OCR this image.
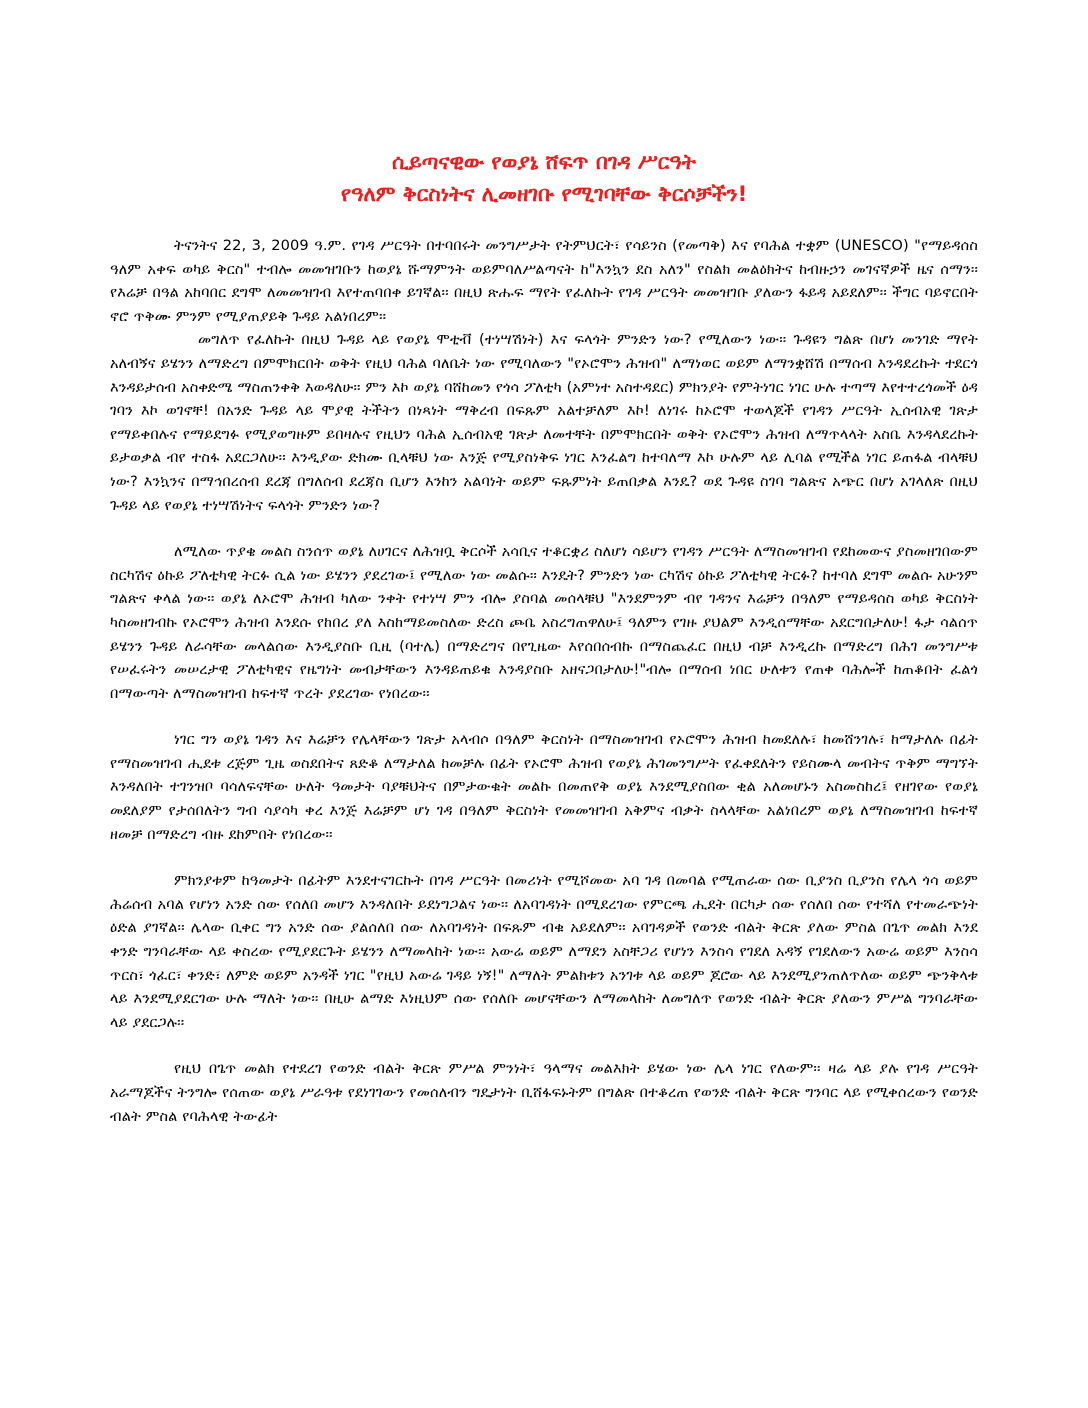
ሲይጣናዊው የወያኔ ሸፍጥ በገዳ ሥርዓት

የዓለም ቅርስነትና ሊመዘገቡ የሚገባቸው ቅርሶቻችን!

ትናንትና 22, 3, 2009 ዓ.ም. የገዳ ሥርዓት በተባበሩት መንግሥታት የትምህርት፣ የሳይንስ (የመጣቅ) እና የባሕል ተቋም (UNESCO) "የማይዳሰስ ዓለም አቀፍ ወካይ ቅርስ" ተብሎ መመዝገቡን ከወያኔ ሹማምንት ወይምባለሥልጣናት ከ"እንኳን ደስ አለን" የስልክ መልዕክትና ከብዙኃን መገናኛዎች ዜና ሰማን፡፡ የእሬቻ በዓል አከባበር ደግሞ ለመመዝገብ እየተጠባበቀ ይገኛል፡፡ በዚህ ጽሑፍ ማየት የፈለኩት የገዳ ሥርዓት መመዝገቡ ያለውን ፋይዳ አይደለም፡፡ ችግር ባይኖርበት ኖሮ ጥቅሙ ምንም የሚያጠያይቅ ጉዳይ አልነበረም፡፡

መግለጥ የፈለኩት በዚህ ጉዳይ ላይ የወያኔ ሞቲቭ (ተነሣሽነት) እና ፍላጎት ምንድን ነው? የሚለውን ነው፡፡ ጉዳዩን ግልጽ በሆነ መንገድ ማየት አለብኝና ይሄንን ለማድረግ በምሞክርበት ወቅት የዚህ ባሕል ባለቤት ነው የሚባለውን "የኦሮሞን ሕዝብ" ለማነወር ወይም ለማንቋሸሽ በማሰብ እንዳደረኩት ተደርጎ እንዳይታሰብ አስቀድሜ ማስጠንቀቅ እወዳለሁ፡፡ ምን እኮ ወያኔ ባሸከመን የጎሳ ፖለቲካ (አምነተ አስተዳደር) ምክንያት የምትነገር ነገር ሁሉ ተጣማ እየተተረጎመች ዕዳ ገባን እኮ ወገኖቸ! በአንድ ጉዳይ ላይ ሞያዊ ትችትን በነጻነት ማቅረብ በፍጹም አልተቻለም እኮ! ለነገሩ ከኦሮሞ ተወላጆች የገዳን ሥርዓት ኢሰብአዊ ገጽታ የማይቀበሉና የማይደግፉ የሚያወግዙም ይበዛሉና የዚህን ባሕል ኢሰብአዊ ገጽታ ለመተቸት በምሞክርበት ወቅት የኦሮሞን ሕዝብ ለማጥላላት አስቤ እንዳላደረኩት ይታወቃል ብየ ተስፋ አደርጋለሁ፡፡ እንዲያው ድክሙ ቢላቹህ ነው እንጅ የሚያስነቅፍ ነገር እንፈልግ ከተባለማ እኮ ሁሉም ላይ ሊባል የሚችል ነገር ይጠፋል ብላቹህ ነው? እንኳንና በማኅበረሰብ ደረጃ በግለሰብ ደረጃስ ቢሆን እንከን አልባነት ወይም ፍጹምነት ይጠበቃል እንዴ? ወደ ጉዳዩ ስገባ ግልጽና አጭር በሆነ አገላለጽ በዚህ ጉዳይ ላይ የወያኔ ተነሣሽነትና ፍላጎት ምንድን ነው?

ለሚለው ጥያቄ መልስ ስንሰጥ ወያኔ ለሀገርና ለሕዝቧ ቅርሶች አሳቢና ተቆርቋሪ ስለሆነ ሳይሆን የገዳን ሥርዓት ለማስመዝገብ የደከመውና ያስመዘገበውም ስርካሽና ዕኩይ ፖለቲካዊ ትርፉ ሲል ነው ይሄንን ያደረገው፤ የሚለው ነው መልሱ፡፡ እንዴት? ምንድን ነው ርካሽና ዕኩይ ፖለቲካዊ ትርፉ? ከተባለ ደግሞ መልሱ አሁንም ግልጽና ቀላል ነው፡፡ ወያኔ ለኦሮሞ ሕዝብ ካለው ንቀት የተነሣ ምን ብሎ ያስባል መሰላቹህ "እንደምንም ብየ ገዳንና እሬቻን በዓለም የማይዳሰስ ወካይ ቅርስነት ካስመዘገብኩ የኦሮሞን ሕዝብ እንደሱ የከበረ ያለ እስከማይመስለው ድረስ ጮቤ አስረግጠዋለሁ፤ ዓለምን የገዙ ያህልም እንዲሰማቸው አደርግበታለሁ! ፋታ ሳልሰጥ ይሄንን ጉዳይ ለራሳቸው መላልሰው እንዲያስቡ ቢዚ (ባተሌ) በማድረግና በየጊዜው እየሰበሰብኩ በማስጨፈር በዚህ ብቻ እንዲረኩ በማድረግ በሕገ መንግሥቱ የሠፈሩትን መሠረታዊ ፖለቲካዊና የዜግነት መብታቸውን እንዳይጠይቁ እንዳያስቡ አዘናጋበታለሁ!"ብሎ በማሰብ ነበር ሁለቱን የጠቀ ባሕሎች ከጠቆበት ፈልጎ በማውጣት ለማስመዝገብ ከፍተኛ ጥረት ያደረገው የነበረው፡፡

ነገር ግን ወያኔ ገዳን እና እሬቻን የሌላቸውን ገጽታ አላብሶ በዓለም ቅርስነት በማስመዝገብ የኦሮሞን ሕዝብ ከመደለሉ፣ ከመሸንገሉ፣ ከማታለሉ በፊት የማስመዝገብ ሒደቱ ረጅም ጊዜ ወስደበትና ጸድቆ ለማታለል ከመቻሉ በፊት የኦሮሞ ሕዝብ የወያኔ ሕገመንግሥት የፈቀደለትን የይስሙላ መብትና ጥቅም ማግኘት እንዳለበት ተገንዝቦ ባሳለፍናቸው ሁለት ዓመታት ባያቹህትና በምታውቁት መልኩ በመጠየቅ ወያኔ እንደሚያስበው ቂል አለመሆኑን አስመስከረ፤ የዘገየው የወያኔ መደለያም የታሰበለትን ግብ ሳያሳካ ቀረ እንጅ እሬቻም ሆነ ገዳ በዓለም ቅርስነት የመመዝገብ አቅምና ብቃት ስላላቸው አልነበረም ወያኔ ለማስመዝገብ ከፍተኛ ዘመቻ በማድረግ ብዙ ደከምበት የነበረው፡፡

ምክንያቱም ከዓመታት በፊትም እንደተናገርኩት በገዳ ሥርዓት በመሪነት የሚሾመው አባ ገዳ በመባል የሚጠራው ሰው ቢያንስ ቢያንስ የሌላ ጎሳ ወይም ሕሬሰብ አባል የሆነን አንድ ሰው የሰለበ መሆን እንዳለበት ይደነግጋልና ነው፡፡ ለአባገዳነት በሚደረገው የምርጫ ሒደት በርካታ ሰው የሰለበ ሰው የተሻለ የተመራጭነት ዕድል ያገኛል፡፡ ሌላው ቢቀር ግን አንድ ሰው ያልሰለበ ሰው ለአባገዳነት በፍጹም ብቁ አይደለም፡፡ አባገዳዎች የወንድ ብልት ቅርጽ ያለው ምስል በጌጥ መልክ እንደ ቀንድ ግንባራቸው ላይ ቀስረው የሚያደርጉት ይሄንን ለማመላከት ነው፡፡ አውሬ ወይም ለማደን አስቸጋሪ የሆነን እንስሳ የገደለ አዳኝ የገደለውን አውሬ ወይም እንስሳ ጥርስ፣ ጎፈር፣ ቀንድ፣ ለምድ ወይም አንዳች ነገር "የዚህ አውሬ ገዳይ ነኝ!" ለማለት ምልክቱን አንገቱ ላይ ወይም ጆሮው ላይ እንደሚያንጠለጥለው ወይም ጭንቅላቱ ላይ እንደሚያደርገው ሁሉ ማለት ነው፡፡ በዚሁ ልማድ እነዚህም ሰው የሰለቡ መሆናቸውን ለማመላከት ለመግለጥ የወንድ ብልት ቅርጽ ያለውን ምሥል ግንባራቸው ላይ ያደርጋሉ፡፡

የዚህ በጌጥ መልክ የተደረገ የወንድ ብልት ቅርጽ ምሥል ምንነት፣ ዓላማና መልእክት ይሄው ነው ሌላ ነገር የለውም፡፡ ዛሬ ላይ ያሉ የገዳ ሥርዓት አራማጆችና ትንግሎ የሰጠው ወያኔ ሥራዓቱ የደነገገውን የመሰለብን ግዴታነት ቢሸፋፍኑትም በግልጽ በተቆረጠ የወንድ ብልት ቅርጽ ግንባር ላይ የሚቀሰረውን የወንድ ብልት ምስል የባሕላዊ ትውፊት
